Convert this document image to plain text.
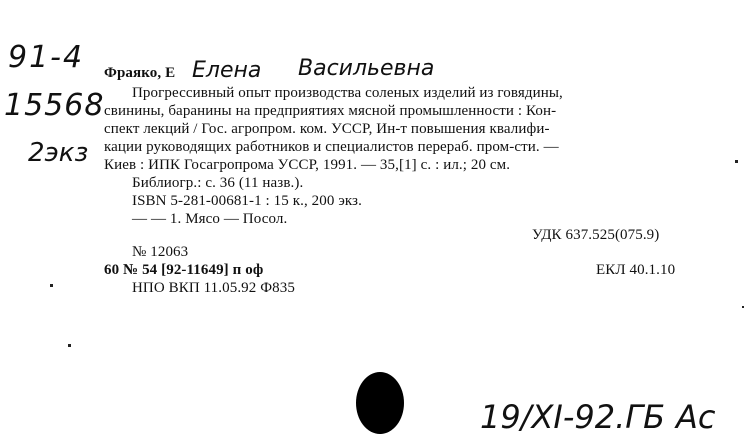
91-4
15568
2экз
Фраяко, Е Елена Васильевна
Прогрессивный опыт производства соленых изделий из говядины,
свинины, баранины на предприятиях мясной промышленности : Кон-
спект лекций / Гос. агропром. ком. УССР, Ин-т повышения квалифи-
кации руководящих работников и специалистов перераб. пром-сти. —
Киев : ИПК Госагропрома УССР, 1991. — 35,[1] с. : ил.; 20 см.
Библиогр.: с. 36 (11 назв.).
ISBN 5-281-00681-1 : 15 к., 200 экз.
— — 1. Мясо — Посол.
УДК 637.525(075.9)
№ 12063
60 № 54 [92-11649] п оф	ЕКЛ 40.1.10
НПО ВКП 11.05.92 Ф835
19/XI-92.ГБ Ас
